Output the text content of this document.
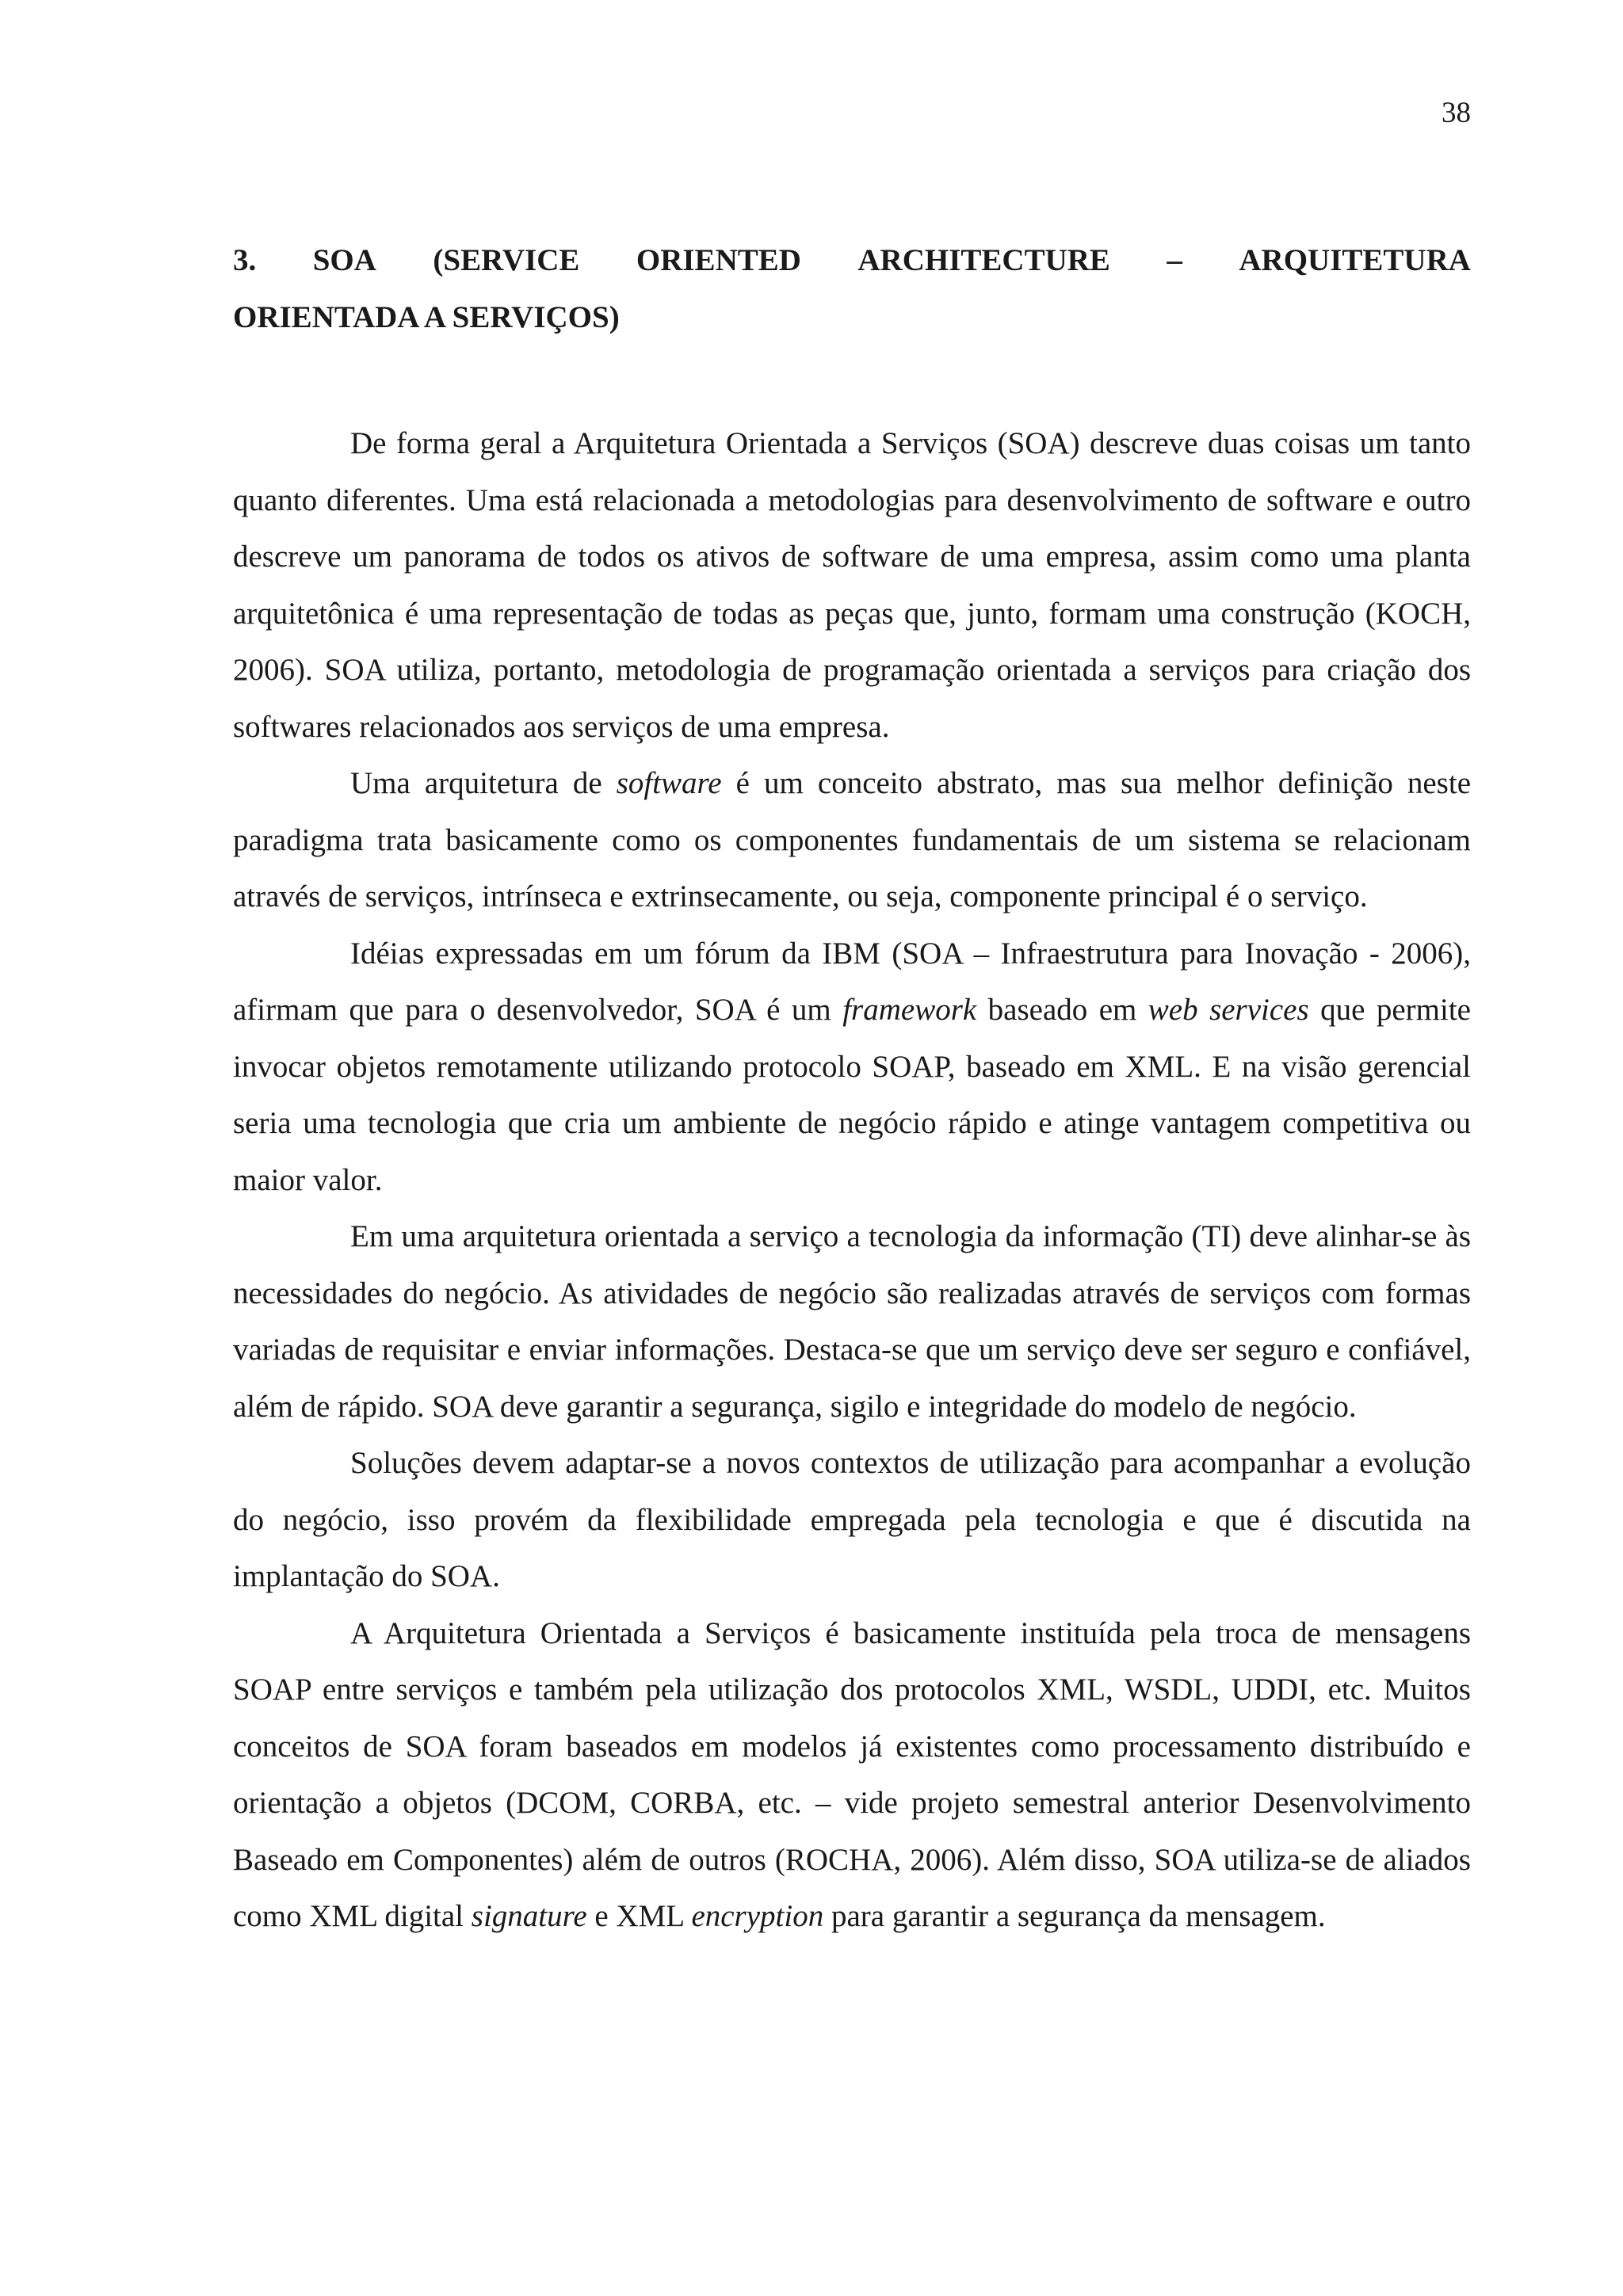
38
3. SOA (SERVICE ORIENTED ARCHITECTURE – ARQUITETURA
ORIENTADA A SERVIÇOS)

De forma geral a Arquitetura Orientada a Serviços (SOA) descreve duas coisas um tanto quanto diferentes. Uma está relacionada a metodologias para desenvolvimento de software e outro descreve um panorama de todos os ativos de software de uma empresa, assim como uma planta arquitetônica é uma representação de todas as peças que, junto, formam uma construção (KOCH, 2006). SOA utiliza, portanto, metodologia de programação orientada a serviços para criação dos softwares relacionados aos serviços de uma empresa.

Uma arquitetura de software é um conceito abstrato, mas sua melhor definição neste paradigma trata basicamente como os componentes fundamentais de um sistema se relacionam através de serviços, intrínseca e extrinsecamente, ou seja, componente principal é o serviço.

Idéias expressadas em um fórum da IBM (SOA – Infraestrutura para Inovação - 2006), afirmam que para o desenvolvedor, SOA é um framework baseado em web services que permite invocar objetos remotamente utilizando protocolo SOAP, baseado em XML. E na visão gerencial seria uma tecnologia que cria um ambiente de negócio rápido e atinge vantagem competitiva ou maior valor.

Em uma arquitetura orientada a serviço a tecnologia da informação (TI) deve alinhar-se às necessidades do negócio. As atividades de negócio são realizadas através de serviços com formas variadas de requisitar e enviar informações. Destaca-se que um serviço deve ser seguro e confiável, além de rápido. SOA deve garantir a segurança, sigilo e integridade do modelo de negócio.

Soluções devem adaptar-se a novos contextos de utilização para acompanhar a evolução do negócio, isso provém da flexibilidade empregada pela tecnologia e que é discutida na implantação do SOA.

A Arquitetura Orientada a Serviços é basicamente instituída pela troca de mensagens SOAP entre serviços e também pela utilização dos protocolos XML, WSDL, UDDI, etc. Muitos conceitos de SOA foram baseados em modelos já existentes como processamento distribuído e orientação a objetos (DCOM, CORBA, etc. – vide projeto semestral anterior Desenvolvimento Baseado em Componentes) além de outros (ROCHA, 2006). Além disso, SOA utiliza-se de aliados como XML digital signature e XML encryption para garantir a segurança da mensagem.
